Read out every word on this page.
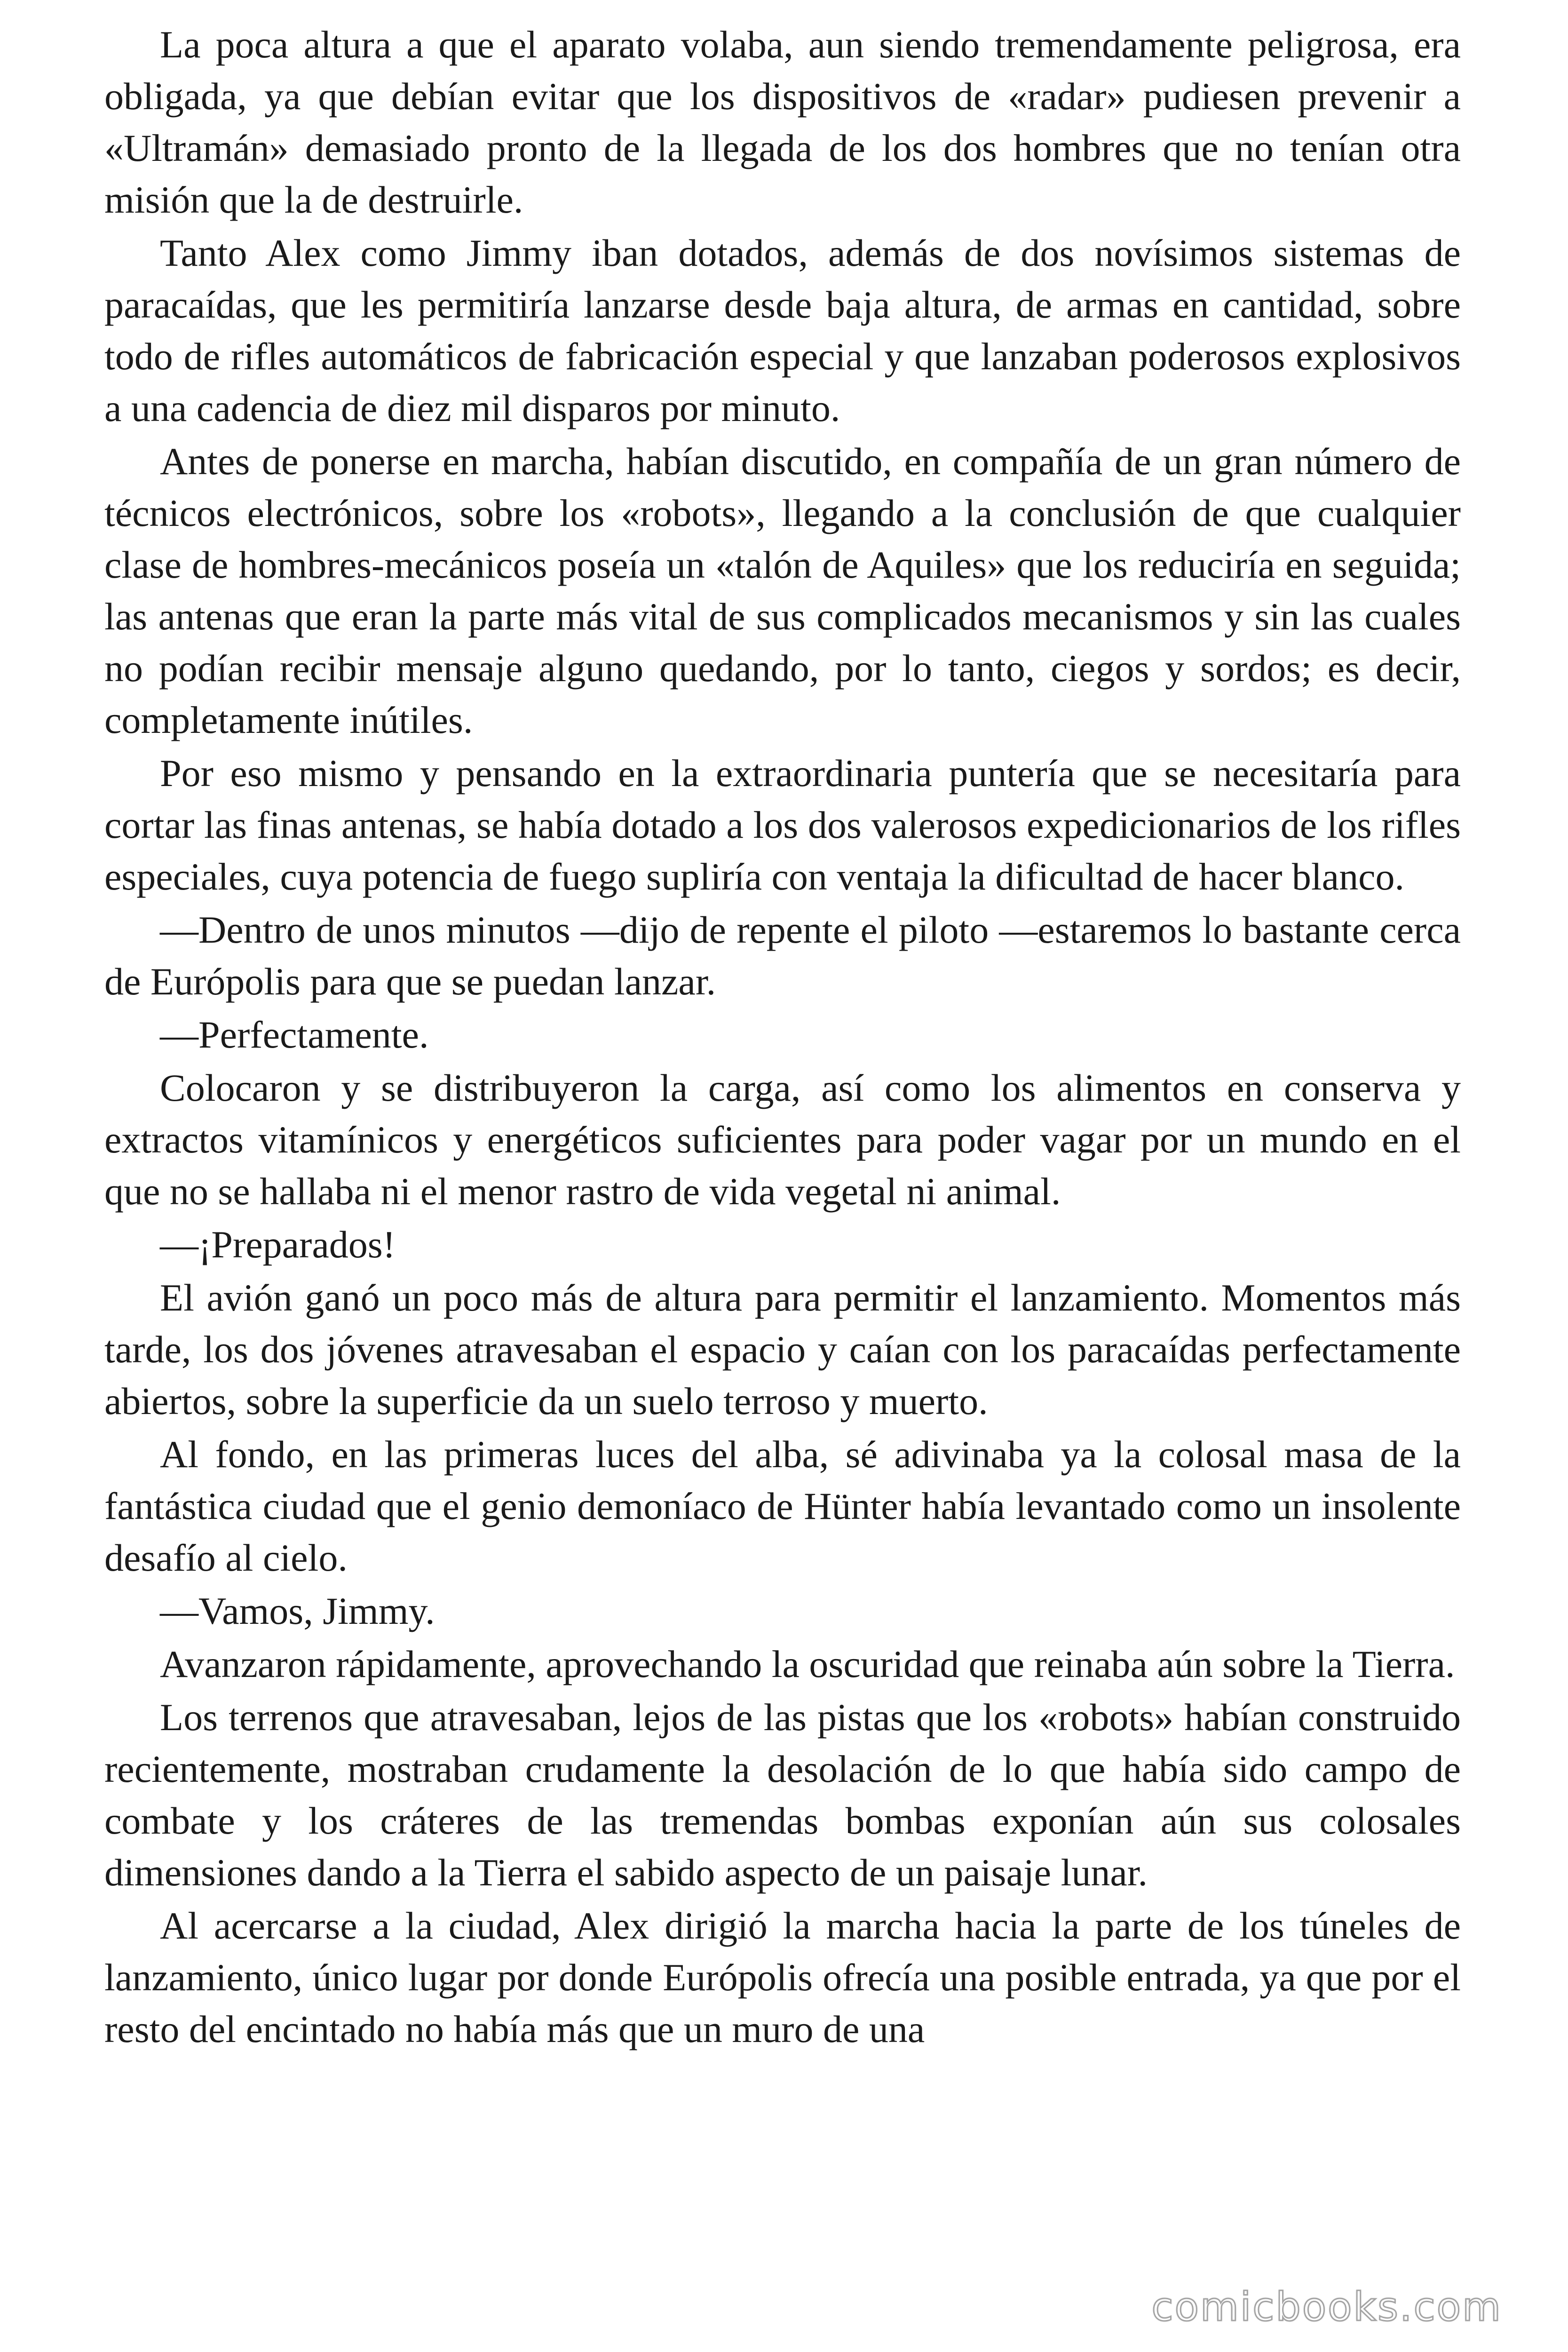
La poca altura a que el aparato volaba, aun siendo tremendamente peligrosa, era obligada, ya que debían evitar que los dispositivos de «radar» pudiesen prevenir a «Ultramán» demasiado pronto de la llegada de los dos hombres que no tenían otra misión que la de destruirle.

Tanto Alex como Jimmy iban dotados, además de dos novísimos sistemas de paracaídas, que les permitiría lanzarse desde baja altura, de armas en cantidad, sobre todo de rifles automáticos de fabricación especial y que lanzaban poderosos explosivos a una cadencia de diez mil disparos por minuto.

Antes de ponerse en marcha, habían discutido, en compañía de un gran número de técnicos electrónicos, sobre los «robots», llegando a la conclusión de que cualquier clase de hombres-mecánicos poseía un «talón de Aquiles» que los reduciría en seguida; las antenas que eran la parte más vital de sus complicados mecanismos y sin las cuales no podían recibir mensaje alguno quedando, por lo tanto, ciegos y sordos; es decir, completamente inútiles.

Por eso mismo y pensando en la extraordinaria puntería que se necesitaría para cortar las finas antenas, se había dotado a los dos valerosos expedicionarios de los rifles especiales, cuya potencia de fuego supliría con ventaja la dificultad de hacer blanco.

—Dentro de unos minutos —dijo de repente el piloto —estaremos lo bastante cerca de Európolis para que se puedan lanzar.

—Perfectamente.

Colocaron y se distribuyeron la carga, así como los alimentos en conserva y extractos vitamínicos y energéticos suficientes para poder vagar por un mundo en el que no se hallaba ni el menor rastro de vida vegetal ni animal.

—¡Preparados!

El avión ganó un poco más de altura para permitir el lanzamiento. Momentos más tarde, los dos jóvenes atravesaban el espacio y caían con los paracaídas perfectamente abiertos, sobre la superficie da un suelo terroso y muerto.

Al fondo, en las primeras luces del alba, sé adivinaba ya la colosal masa de la fantástica ciudad que el genio demoníaco de Hünter había levantado como un insolente desafío al cielo.

—Vamos, Jimmy.

Avanzaron rápidamente, aprovechando la oscuridad que reinaba aún sobre la Tierra.

Los terrenos que atravesaban, lejos de las pistas que los «robots» habían construido recientemente, mostraban crudamente la desolación de lo que había sido campo de combate y los cráteres de las tremendas bombas exponían aún sus colosales dimensiones dando a la Tierra el sabido aspecto de un paisaje lunar.

Al acercarse a la ciudad, Alex dirigió la marcha hacia la parte de los túneles de lanzamiento, único lugar por donde Európolis ofrecía una posible entrada, ya que por el resto del encintado no había más que un muro de una

comicbooks.com
